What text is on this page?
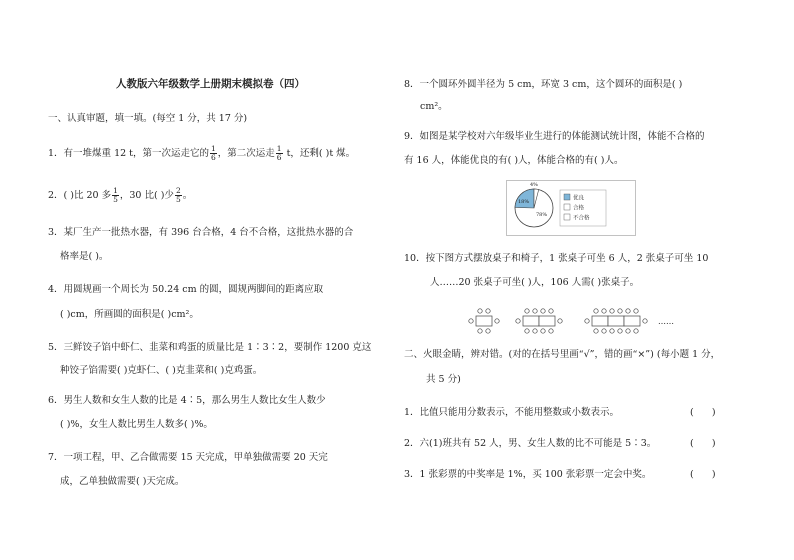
人教版六年级数学上册期末模拟卷（四）
一、认真审题，填一填。(每空 1 分，共 17 分)
1．有一堆煤重 12 t，第一次运走它的 $\frac{1}{6}$ ，第二次运走 $\frac{1}{6}$ t，还剩( )t 煤。
2．( )比 20 多 $\frac{1}{5}$ ，30 比( )少 $\frac{2}{5}$ 。
3．某厂生产一批热水器，有 396 台合格，4 台不合格，这批热水器的合
格率是( )。
4．用圆规画一个周长为 50.24 cm 的圆，圆规两脚间的距离应取
( )cm，所画圆的面积是( )cm²。
5．三鲜饺子馅中虾仁、韭菜和鸡蛋的质量比是 1∶3∶2，要制作 1200 克这
种饺子馅需要( )克虾仁、( )克韭菜和( )克鸡蛋。
6．男生人数和女生人数的比是 4∶5，那么男生人数比女生人数少
( )%，女生人数比男生人数多( )%。
7．一项工程，甲、乙合做需要 15 天完成，甲单独做需要 20 天完
成，乙单独做需要( )天完成。
8．一个圆环外圆半径为 5 cm，环宽 3 cm，这个圆环的面积是( )
cm²。
9．如图是某学校对六年级毕业生进行的体能测试统计图，体能不合格的
有 16 人，体能优良的有( )人，体能合格的有( )人。
4%
18%
78%
优良
合格
不合格
10．按下图方式摆放桌子和椅子，1 张桌子可坐 6 人，2 张桌子可坐 10
人……20 张桌子可坐( )人，106 人需( )张桌子。
……
二、火眼金睛，辨对错。(对的在括号里画“√”，错的画“×”) (每小题 1 分，
共 5 分)
1．比值只能用分数表示，不能用整数或小数表示。	(      )
2．六(1)班共有 52 人，男、女生人数的比不可能是 5∶3。	(      )
3．1 张彩票的中奖率是 1%，买 100 张彩票一定会中奖。	(      )
